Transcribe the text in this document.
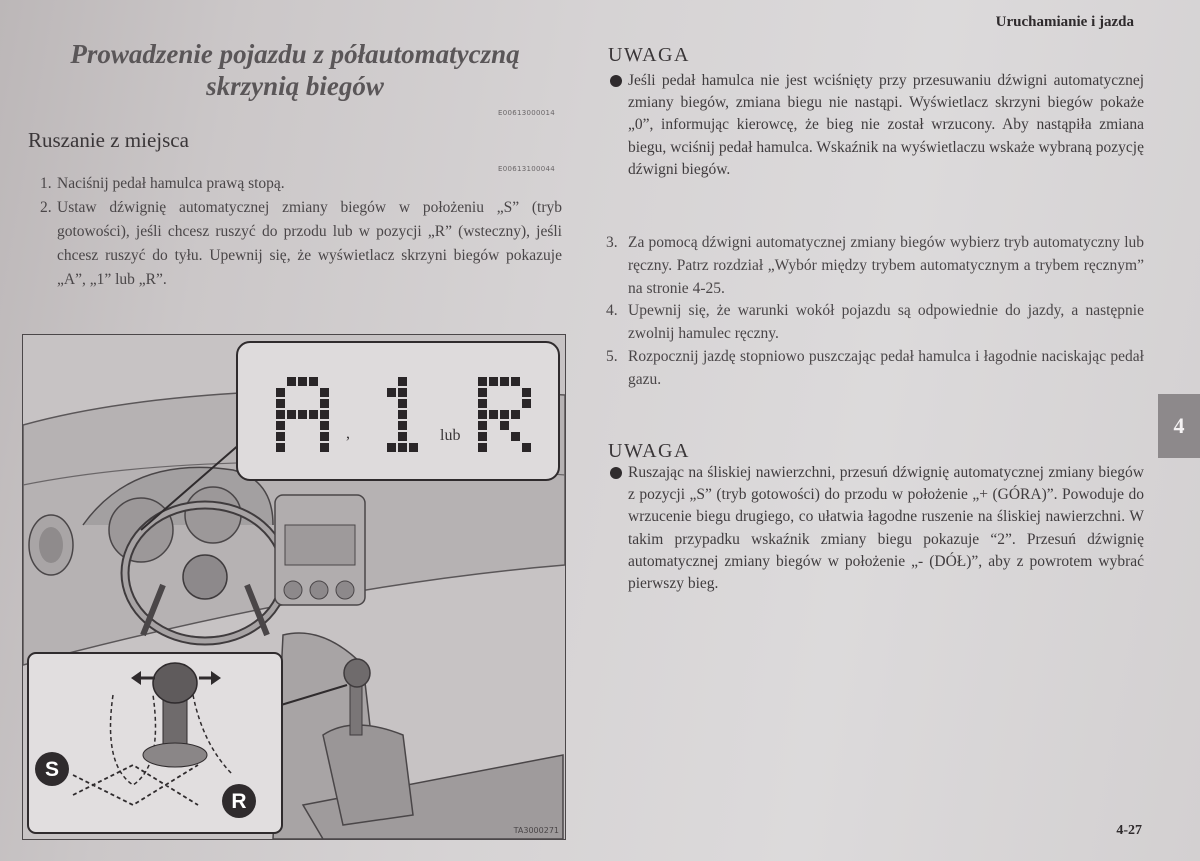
Uruchamianie i jazda
Prowadzenie pojazdu z półautomatyczną
skrzynią biegów
E00613000014
Ruszanie z miejsca
E00613100044
1. Naciśnij pedał hamulca prawą stopą.
2. Ustaw dźwignię automatycznej zmiany biegów w położeniu „S” (tryb gotowości), jeśli chcesz ruszyć do przodu lub w pozycji „R” (wsteczny), jeśli chcesz ruszyć do tyłu. Upewnij się, że wyświetlacz skrzyni biegów pokazuje „A”, „1” lub „R”.
,	lub
S
R
TA3000271
UWAGA
Jeśli pedał hamulca nie jest wciśnięty przy przesuwaniu dźwigni automatycznej zmiany biegów, zmiana biegu nie nastąpi. Wyświetlacz skrzyni biegów pokaże „0”, informując kierowcę, że bieg nie został wrzucony. Aby nastąpiła zmiana biegu, wciśnij pedał hamulca. Wskaźnik na wyświetlaczu wskaże wybraną pozycję dźwigni biegów.
3. Za pomocą dźwigni automatycznej zmiany biegów wybierz tryb automatyczny lub ręczny. Patrz rozdział „Wybór między trybem automatycznym a trybem ręcznym” na stronie 4-25.
4. Upewnij się, że warunki wokół pojazdu są odpowiednie do jazdy, a następnie zwolnij hamulec ręczny.
5. Rozpocznij jazdę stopniowo puszczając pedał hamulca i łagodnie naciskając pedał gazu.
UWAGA
Ruszając na śliskiej nawierzchni, przesuń dźwignię automatycznej zmiany biegów z pozycji „S” (tryb gotowości) do przodu w położenie „+ (GÓRA)”. Powoduje do wrzucenie biegu drugiego, co ułatwia łagodne ruszenie na śliskiej nawierzchni. W takim przypadku wskaźnik zmiany biegu pokazuje “2”. Przesuń dźwignię automatycznej zmiany biegów w położenie „- (DÓŁ)”, aby z powrotem wybrać pierwszy bieg.
4
4-27
